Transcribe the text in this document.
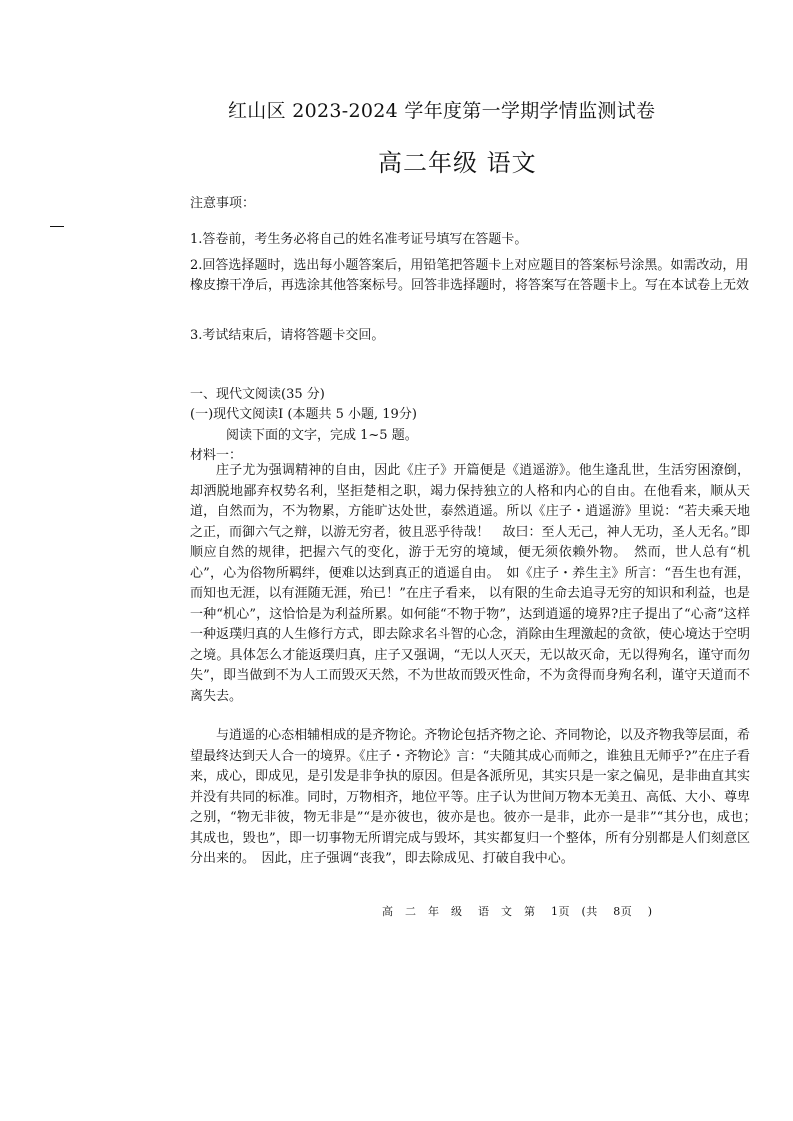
红山区 2023-2024 学年度第一学期学情监测试卷
高二年级 语文
注意事项：
1.答卷前，考生务必将自己的姓名准考证号填写在答题卡。
2.回答选择题时，选出每小题答案后，用铅笔把答题卡上对应题目的答案标号涂黑。如需改动，用橡皮擦干净后，再选涂其他答案标号。回答非选择题时，将答案写在答题卡上。写在本试卷上无效
3.考试结束后，请将答题卡交回。
一、现代文阅读(35 分)
(一)现代文阅读Ⅰ (本题共 5 小题, 19分)
阅读下面的文字，完成 1~5 题。
材料一：
庄子尤为强调精神的自由，因此《庄子》开篇便是《逍遥游》。他生逢乱世，生活穷困潦倒，却洒脱地鄙弃权势名利，坚拒楚相之职，竭力保持独立的人格和内心的自由。在他看来，顺从天道，自然而为，不为物累，方能旷达处世，泰然逍遥。所以《庄子・逍遥游》里说：“若夫乘天地之正，而御六气之辩，以游无穷者，彼且恶乎待哉！　故曰：至人无己，神人无功，圣人无名。”即顺应自然的规律，把握六气的变化，游于无穷的境域，便无须依赖外物。　然而，世人总有“机心”，心为俗物所羁绊，便难以达到真正的逍遥自由。　如《庄子・养生主》所言：“吾生也有涯，而知也无涯，以有涯随无涯，殆已！”在庄子看来， 以有限的生命去追寻无穷的知识和利益，也是一种“机心”，这恰恰是为利益所累。如何能“不物于物”，达到逍遥的境界?庄子提出了“心斋”这样一种返璞归真的人生修行方式，即去除求名斗智的心念，消除由生理激起的贪欲，使心境达于空明之境。具体怎么才能返璞归真，庄子又强调，“无以人灭天，无以故灭命，无以得殉名，谨守而勿失”，即当做到不为人工而毁灭天然，不为世故而毁灭性命，不为贪得而身殉名利，谨守天道而不离失去。
与逍遥的心态相辅相成的是齐物论。齐物论包括齐物之论、齐同物论，以及齐物我等层面，希望最终达到天人合一的境界。《庄子・齐物论》言：“夫随其成心而师之，谁独且无师乎?”在庄子看来，成心，即成见，是引发是非争执的原因。但是各派所见，其实只是一家之偏见，是非曲直其实并没有共同的标准。同时，万物相齐，地位平等。庄子认为世间万物本无美丑、高低、大小、尊卑之别，“物无非彼，物无非是”“是亦彼也，彼亦是也。彼亦一是非，此亦一是非”“其分也，成也；　其成也，毁也”，即一切事物无所谓完成与毁坏，其实都复归一个整体，所有分别都是人们刻意区分出来的。　因此，庄子强调“丧我”，即去除成见、打破自我中心。
高　二　年　级　 语　文　第　 1页　(共　 8页　 )
